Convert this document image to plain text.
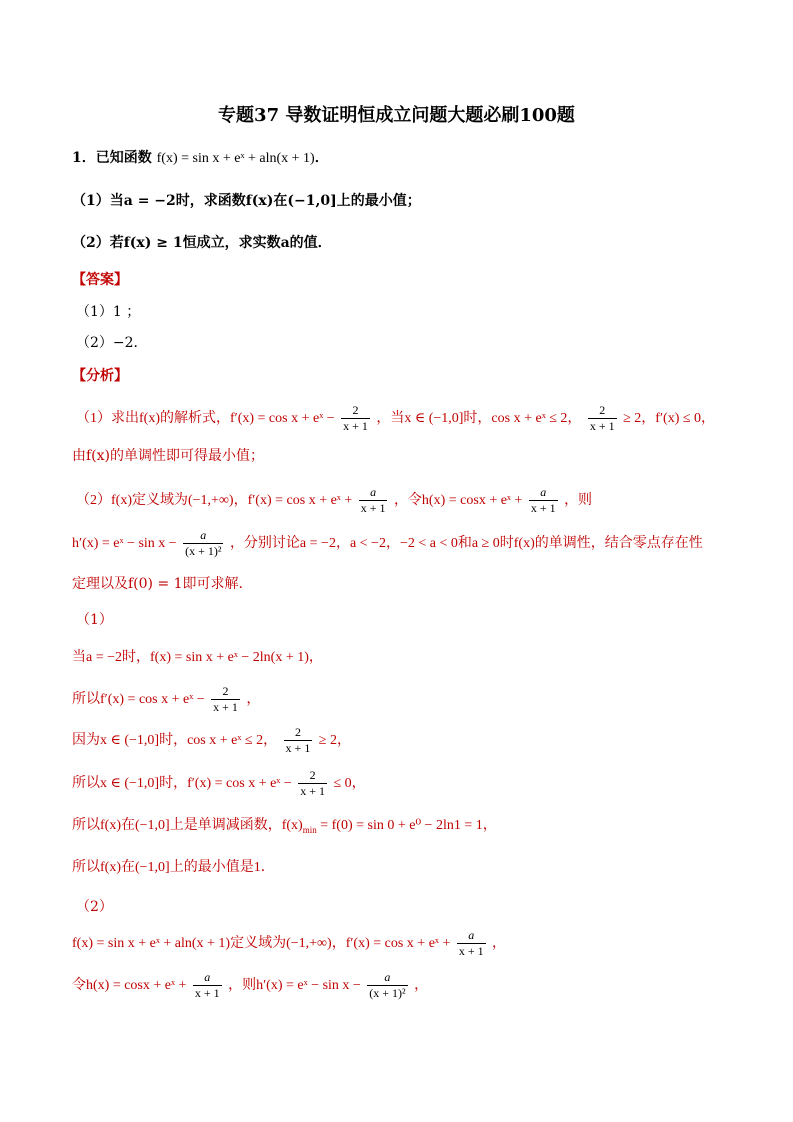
专题37 导数证明恒成立问题大题必刷100题
1．已知函数 f(x) = sin x + eˣ + aln(x + 1)．
（1）当a = −2时，求函数f(x)在(−1,0]上的最小值；
（2）若f(x) ≥ 1恒成立，求实数a的值．
【答案】
（1）1 ；
（2）−2．
【分析】
（1）求出f(x)的解析式，f′(x) = cos x + eˣ − $\frac{2}{x + 1}$ ，当x ∈ (−1,0]时，cos x + eˣ ≤ 2， $\frac{2}{x + 1} \ge 2$，f′(x) ≤ 0，
由f(x)的单调性即可得最小值；
（2）f(x)定义域为(−1,+∞)，f′(x) = cos x + eˣ + $\frac{a}{x + 1}$ ，令h(x) = cosx + eˣ + $\frac{a}{x + 1}$ ，则
h′(x) = eˣ − $\sin x - \frac{a}{\text{(x + 1)²}}$ ，分别讨论a = −2，a < −2，−2 < a < 0和a ≥ 0时f(x)的单调性，结合零点存在性
定理以及f(0) = 1即可求解.
（1）
当a = −2时，f(x) = sin x + eˣ − 2ln(x + 1)，
所以f′(x) = cos x + eˣ − $\frac{2}{x + 1}$ ，
因为x ∈ (−1,0]时，cos x + eˣ ≤ 2， $\frac{2}{x + 1} \ge 2$，
所以x ∈ (−1,0]时，f′(x) = cos x + eˣ − $\frac{2}{x + 1} \le 0$，
所以f(x)在(−1,0]上是单调减函数，$f(x)_{min} = f(0) = \sin 0 + e^0 - 2\ln 1 = 1$，
所以f(x)在(−1,0]上的最小值是1．
（2）
f(x) = sin x + eˣ + aln(x + 1)定义域为(−1,+∞)，f′(x) = cos x + eˣ + $\frac{a}{x + 1}$ ，
令h(x) = cosx + eˣ + $\frac{a}{x + 1}$ ，则h′(x) = eˣ − $\sin x - \frac{a}{\text{(x + 1)²}}$ ，
